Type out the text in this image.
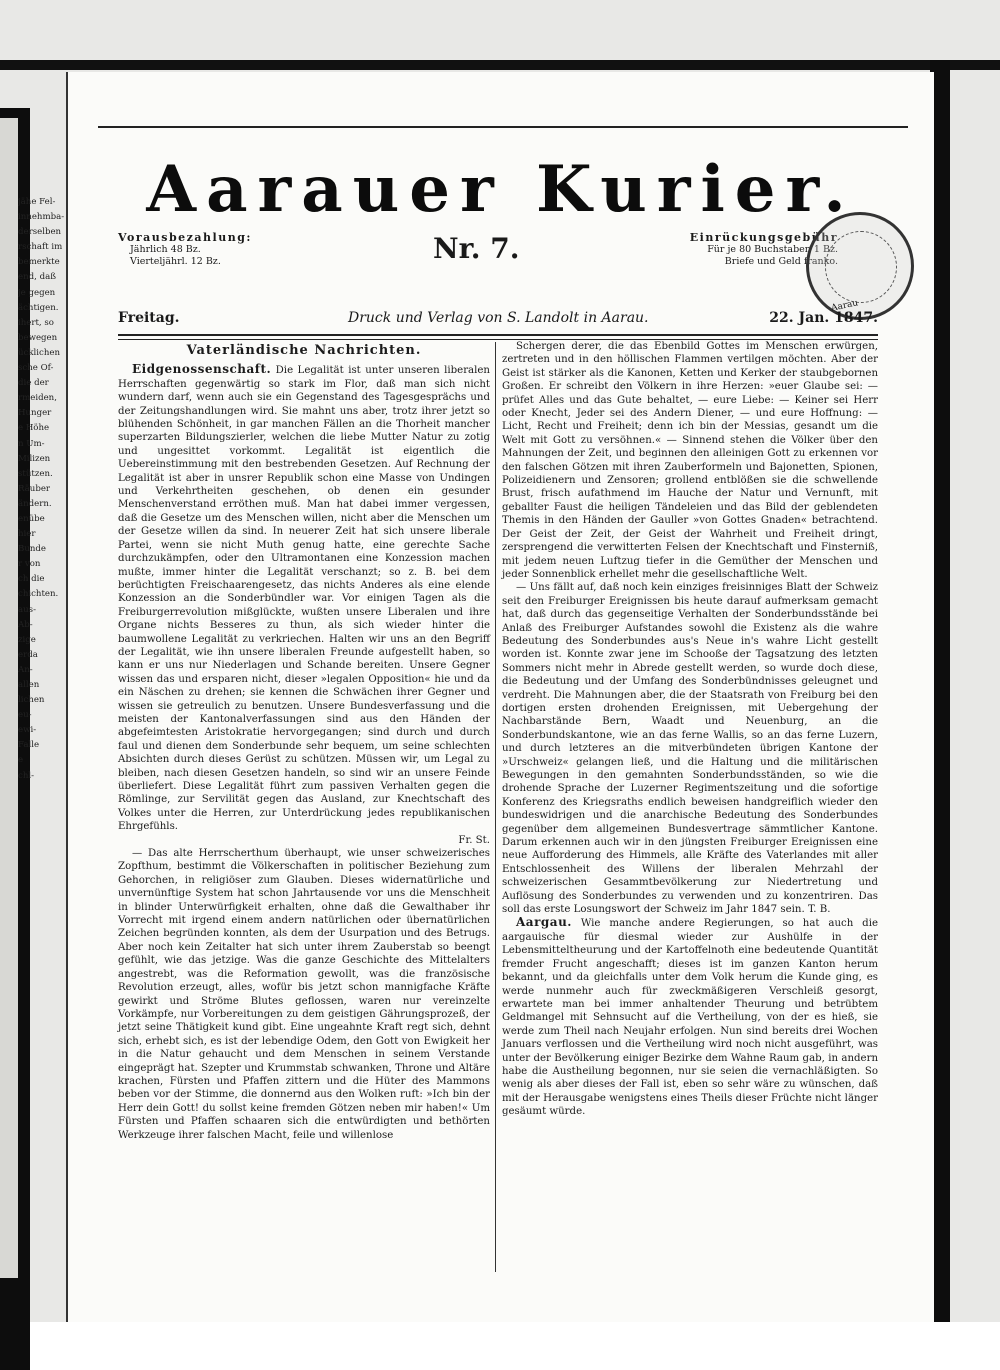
jähe Fel-
innehmba-
derselben
rschaft im
bemerkte
end, daß
je gegen
ächtigen.
ihert, so
bewegen
ücklichen
sche Of-
die der
rmeiden,
Hunger
e Höhe
n Um-
Milizen
stützen.
Räuber
ändern.
enübe
hier
Bunde
r von
ch die
chichten.
aus-
Ab-
zige
erda
An-
allen
lichen
eu-
ewi-
Falle
e
chl-
Aarauer Kurier.
Vorausbezahlung:
Jährlich 48 Bz.
Vierteljährl. 12 Bz.	Nr. 7.	Einrückungsgebühr
Für je 80 Buchstaben 1 Bz.
Briefe und Geld franko.
Aarau
Freitag.	Druck und Verlag von S. Landolt in Aarau.	22. Jan. 1847.
Vaterländische Nachrichten.

Eidgenossenschaft. Die Legalität ist unter unseren liberalen Herrschaften gegenwärtig so stark im Flor, daß man sich nicht wundern darf, wenn auch sie ein Gegenstand des Tagesgesprächs und der Zeitungshandlungen wird. Sie mahnt uns aber, trotz ihrer jetzt so blühenden Schönheit, in gar manchen Fällen an die Thorheit mancher superzarten Bildungszierler, welchen die liebe Mutter Natur zu zotig und ungesittet vorkommt. Legalität ist eigentlich die Uebereinstimmung mit den bestrebenden Gesetzen. Auf Rechnung der Legalität ist aber in unsrer Republik schon eine Masse von Undingen und Verkehrtheiten geschehen, ob denen ein gesunder Menschenverstand erröthen muß. Man hat dabei immer vergessen, daß die Gesetze um des Menschen willen, nicht aber die Menschen um der Gesetze willen da sind. In neuerer Zeit hat sich unsere liberale Partei, wenn sie nicht Muth genug hatte, eine gerechte Sache durchzukämpfen, oder den Ultramontanen eine Konzession machen mußte, immer hinter die Legalität verschanzt; so z. B. bei dem berüchtigten Freischaarengesetz, das nichts Anderes als eine elende Konzession an die Sonderbündler war. Vor einigen Tagen als die Freiburgerrevolution mißglückte, wußten unsere Liberalen und ihre Organe nichts Besseres zu thun, als sich wieder hinter die baumwollene Legalität zu verkriechen. Halten wir uns an den Begriff der Legalität, wie ihn unsere liberalen Freunde aufgestellt haben, so kann er uns nur Niederlagen und Schande bereiten. Unsere Gegner wissen das und ersparen nicht, dieser »legalen Opposition« hie und da ein Näschen zu drehen; sie kennen die Schwächen ihrer Gegner und wissen sie getreulich zu benutzen. Unsere Bundesverfassung und die meisten der Kantonalverfassungen sind aus den Händen der abgefeimtesten Aristokratie hervorgegangen; sind durch und durch faul und dienen dem Sonderbunde sehr bequem, um seine schlechten Absichten durch dieses Gerüst zu schützen. Müssen wir, um Legal zu bleiben, nach diesen Gesetzen handeln, so sind wir an unsere Feinde überliefert. Diese Legalität führt zum passiven Verhalten gegen die Römlinge, zur Servilität gegen das Ausland, zur Knechtschaft des Volkes unter die Herren, zur Unterdrückung jedes republikanischen Ehrgefühls.

Fr. St.

— Das alte Herrscherthum überhaupt, wie unser schweizerisches Zopfthum, bestimmt die Völkerschaften in politischer Beziehung zum Gehorchen, in religiöser zum Glauben. Dieses widernatürliche und unvernünftige System hat schon Jahrtausende vor uns die Menschheit in blinder Unterwürfigkeit erhalten, ohne daß die Gewalthaber ihr Vorrecht mit irgend einem andern natürlichen oder übernatürlichen Zeichen begründen konnten, als dem der Usurpation und des Betrugs. Aber noch kein Zeitalter hat sich unter ihrem Zauberstab so beengt gefühlt, wie das jetzige. Was die ganze Geschichte des Mittelalters angestrebt, was die Reformation gewollt, was die französische Revolution erzeugt, alles, wofür bis jetzt schon mannigfache Kräfte gewirkt und Ströme Blutes geflossen, waren nur vereinzelte Vorkämpfe, nur Vorbereitungen zu dem geistigen Gährungsprozeß, der jetzt seine Thätigkeit kund gibt. Eine ungeahnte Kraft regt sich, dehnt sich, erhebt sich, es ist der lebendige Odem, den Gott von Ewigkeit her in die Natur gehaucht und dem Menschen in seinem Verstande eingeprägt hat. Szepter und Krummstab schwanken, Throne und Altäre krachen, Fürsten und Pfaffen zittern und die Hüter des Mammons beben vor der Stimme, die donnernd aus den Wolken ruft: »Ich bin der Herr dein Gott! du sollst keine fremden Götzen neben mir haben!« Um Fürsten und Pfaffen schaaren sich die entwürdigten und bethörten Werkzeuge ihrer falschen Macht, feile und willenlose

Schergen derer, die das Ebenbild Gottes im Menschen erwürgen, zertreten und in den höllischen Flammen vertilgen möchten. Aber der Geist ist stärker als die Kanonen, Ketten und Kerker der staubgebornen Großen. Er schreibt den Völkern in ihre Herzen: »euer Glaube sei: — prüfet Alles und das Gute behaltet, — eure Liebe: — Keiner sei Herr oder Knecht, Jeder sei des Andern Diener, — und eure Hoffnung: — Licht, Recht und Freiheit; denn ich bin der Messias, gesandt um die Welt mit Gott zu versöhnen.« — Sinnend stehen die Völker über den Mahnungen der Zeit, und beginnen den alleinigen Gott zu erkennen vor den falschen Götzen mit ihren Zauberformeln und Bajonetten, Spionen, Polizeidienern und Zensoren; grollend entblößen sie die schwellende Brust, frisch aufathmend im Hauche der Natur und Vernunft, mit geballter Faust die heiligen Tändeleien und das Bild der geblendeten Themis in den Händen der Gauller »von Gottes Gnaden« betrachtend. Der Geist der Zeit, der Geist der Wahrheit und Freiheit dringt, zersprengend die verwitterten Felsen der Knechtschaft und Finsterniß, mit jedem neuen Luftzug tiefer in die Gemüther der Menschen und jeder Sonnenblick erhellet mehr die gesellschaftliche Welt.

— Uns fällt auf, daß noch kein einziges freisinniges Blatt der Schweiz seit den Freiburger Ereignissen bis heute darauf aufmerksam gemacht hat, daß durch das gegenseitige Verhalten der Sonderbundsstände bei Anlaß des Freiburger Aufstandes sowohl die Existenz als die wahre Bedeutung des Sonderbundes aus's Neue in's wahre Licht gestellt worden ist. Konnte zwar jene im Schooße der Tagsatzung des letzten Sommers nicht mehr in Abrede gestellt werden, so wurde doch diese, die Bedeutung und der Umfang des Sonderbündnisses geleugnet und verdreht. Die Mahnungen aber, die der Staatsrath von Freiburg bei den dortigen ersten drohenden Ereignissen, mit Uebergehung der Nachbarstände Bern, Waadt und Neuenburg, an die Sonderbundskantone, wie an das ferne Wallis, so an das ferne Luzern, und durch letzteres an die mitverbündeten übrigen Kantone der »Urschweiz« gelangen ließ, und die Haltung und die militärischen Bewegungen in den gemahnten Sonderbundsständen, so wie die drohende Sprache der Luzerner Regimentszeitung und die sofortige Konferenz des Kriegsraths endlich beweisen handgreiflich wieder den bundeswidrigen und die anarchische Bedeutung des Sonderbundes gegenüber dem allgemeinen Bundesvertrage sämmtlicher Kantone. Darum erkennen auch wir in den jüngsten Freiburger Ereignissen eine neue Aufforderung des Himmels, alle Kräfte des Vaterlandes mit aller Entschlossenheit des Willens der liberalen Mehrzahl der schweizerischen Gesammtbevölkerung zur Niedertretung und Auflösung des Sonderbundes zu verwenden und zu konzentriren. Das soll das erste Losungswort der Schweiz im Jahr 1847 sein. T. B.

Aargau. Wie manche andere Regierungen, so hat auch die aargauische für diesmal wieder zur Aushülfe in der Lebensmitteltheurung und der Kartoffelnoth eine bedeutende Quantität fremder Frucht angeschafft; dieses ist im ganzen Kanton herum bekannt, und da gleichfalls unter dem Volk herum die Kunde ging, es werde nunmehr auch für zweckmäßigeren Verschleiß gesorgt, erwartete man bei immer anhaltender Theurung und betrübtem Geldmangel mit Sehnsucht auf die Vertheilung, von der es hieß, sie werde zum Theil nach Neujahr erfolgen. Nun sind bereits drei Wochen Januars verflossen und die Vertheilung wird noch nicht ausgeführt, was unter der Bevölkerung einiger Bezirke dem Wahne Raum gab, in andern habe die Austheilung begonnen, nur sie seien die vernachläßigten. So wenig als aber dieses der Fall ist, eben so sehr wäre zu wünschen, daß mit der Herausgabe wenigstens eines Theils dieser Früchte nicht länger gesäumt würde.
